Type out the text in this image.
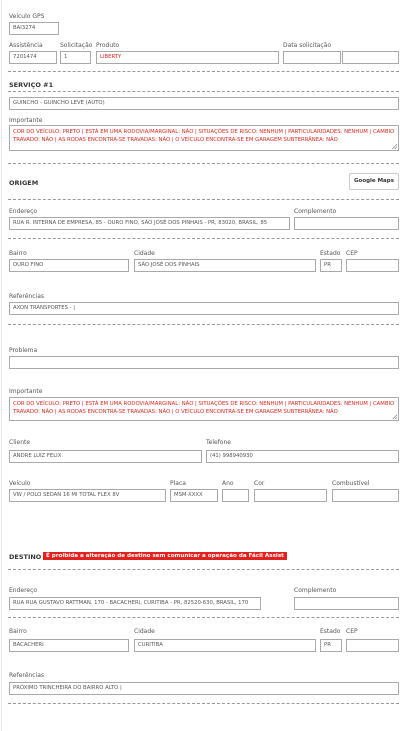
Veículo GPS
BAI3274
Assistência
7201474
Solicitação
1
Produto
LIBERTY
Data solicitação
SERVIÇO #1
GUINCHO - GUINCHO LEVE (AUTO)
Importante
COR DO VEÍCULO: PRETO | ESTÁ EM UMA RODOVIA/MARGINAL: NÃO | SITUAÇÕES DE RISCO: NENHUM | PARTICULARIDADES: NENHUM | CAMBIO TRAVADO: NÃO | AS RODAS ENCONTRA-SE TRAVADAS: NÃO | O VEÍCULO ENCONTRA-SE EM GARAGEM SUBTERRÂNEA: NÃO
ORIGEM	Google Maps
Endereço
RUA R. INTERNA DE EMPRESA, 85 - OURO FINO, SÃO JOSÉ DOS PINHAIS - PR, 83020, BRASIL, 85
Complemento
Bairro
OURO FINO
Cidade
SÃO JOSÉ DOS PINHAIS
Estado
PR
CEP
Referências
AXON TRANSPORTES - |
Problema
Importante
COR DO VEÍCULO: PRETO | ESTÁ EM UMA RODOVIA/MARGINAL: NÃO | SITUAÇÕES DE RISCO: NENHUM | PARTICULARIDADES: NENHUM | CAMBIO TRAVADO: NÃO | AS RODAS ENCONTRA-SE TRAVADAS: NÃO | O VEÍCULO ENCONTRA-SE EM GARAGEM SUBTERRÂNEA: NÃO
Cliente
ANDRE LUIZ FELIX
Telefone
(41) 998940930
Veículo
VW / POLO SEDAN 16 MI TOTAL FLEX 8V
Placa
MSM-XXXX
Ano	Cor	Combustível
DESTINO É proibida a alteração de destino sem comunicar a operação da Fácil Assist
Endereço
RUA RUA GUSTAVO RATTMAN, 170 - BACACHERI, CURITIBA - PR, 82520-630, BRASIL, 170
Complemento
Bairro
BACACHERI
Cidade
CURITIBA
Estado
PR
CEP
Referências
PRÓXIMO TRINCHEIRA DO BAIRRO ALTO |
